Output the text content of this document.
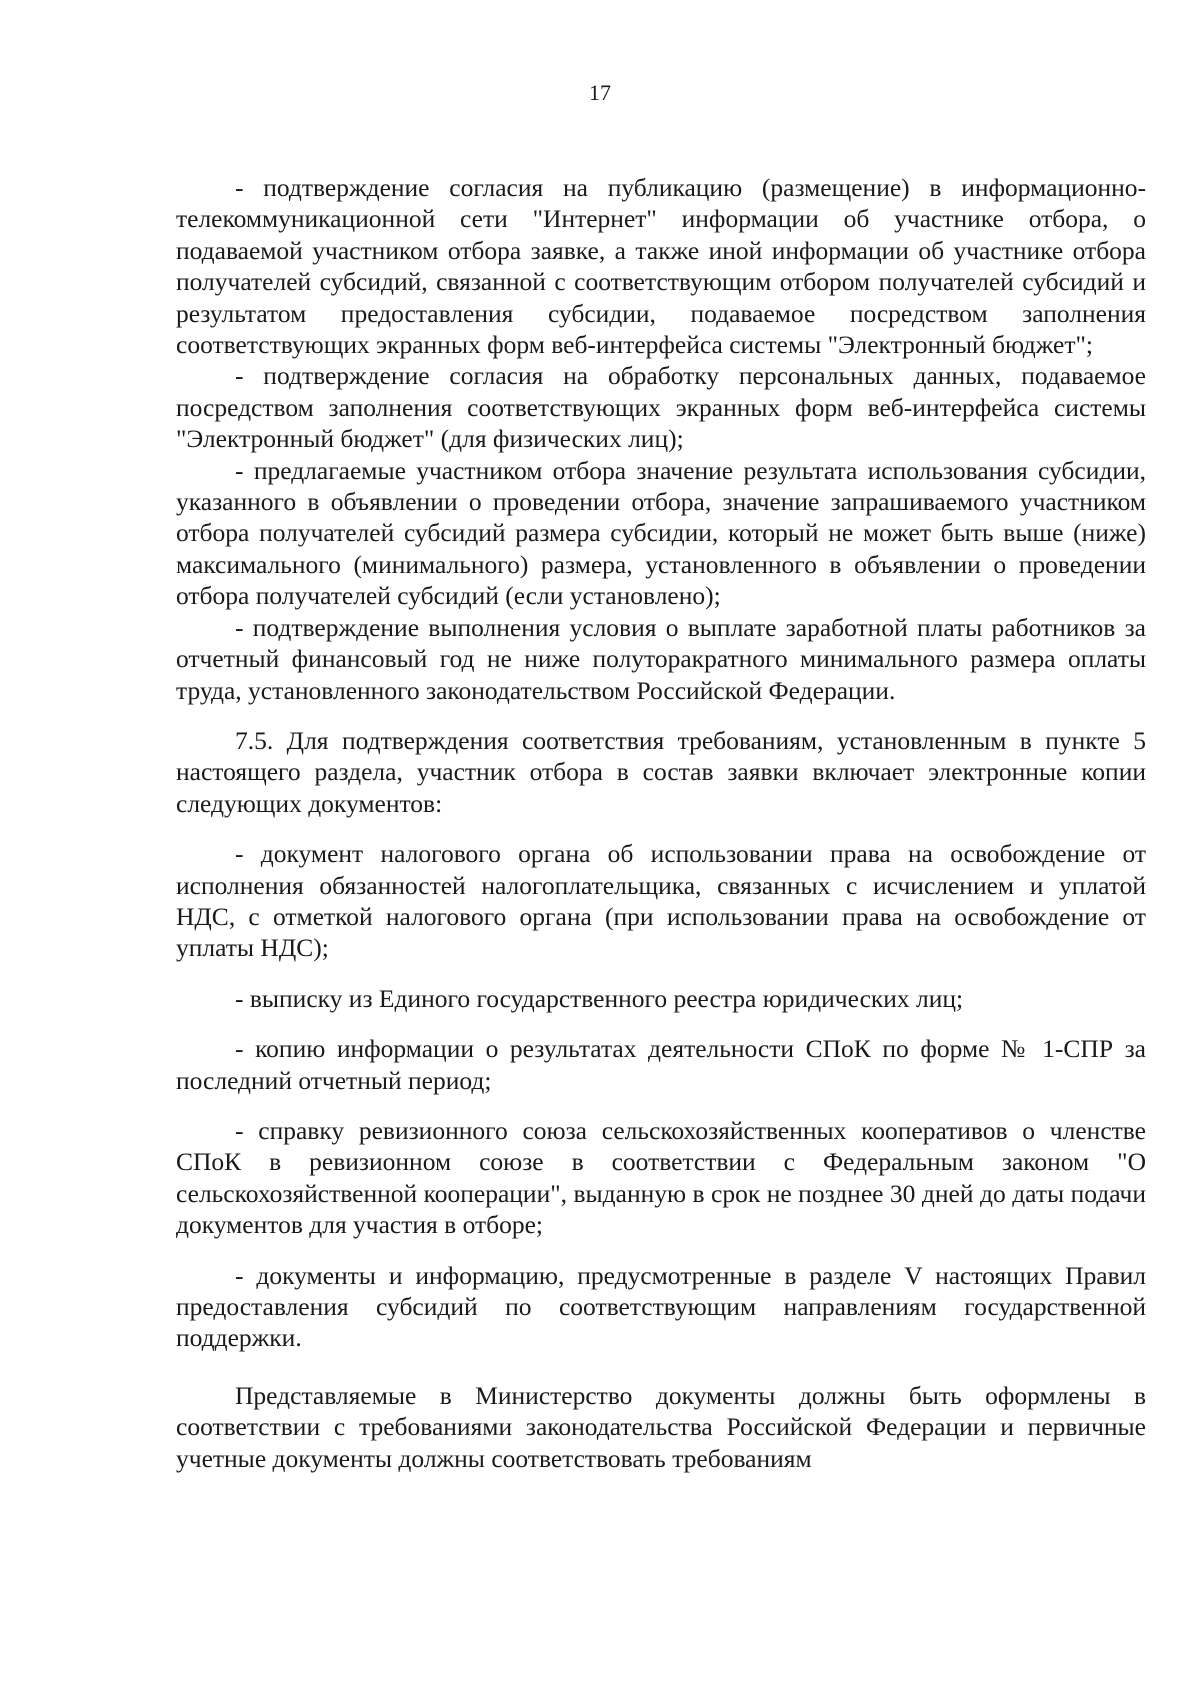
17

- подтверждение согласия на публикацию (размещение) в информационно-телекоммуникационной сети "Интернет" информации об участнике отбора, о подаваемой участником отбора заявке, а также иной информации об участнике отбора получателей субсидий, связанной с соответствующим отбором получателей субсидий и результатом предоставления субсидии, подаваемое посредством заполнения соответствующих экранных форм веб-интерфейса системы "Электронный бюджет";

- подтверждение согласия на обработку персональных данных, подаваемое посредством заполнения соответствующих экранных форм веб-интерфейса системы "Электронный бюджет" (для физических лиц);

- предлагаемые участником отбора значение результата использования субсидии, указанного в объявлении о проведении отбора, значение запрашиваемого участником отбора получателей субсидий размера субсидии, который не может быть выше (ниже) максимального (минимального) размера, установленного в объявлении о проведении отбора получателей субсидий (если установлено);

- подтверждение выполнения условия о выплате заработной платы работников за отчетный финансовый год не ниже полуторакратного минимального размера оплаты труда, установленного законодательством Российской Федерации.

7.5. Для подтверждения соответствия требованиям, установленным в пункте 5 настоящего раздела, участник отбора в состав заявки включает электронные копии следующих документов:

- документ налогового органа об использовании права на освобождение от исполнения обязанностей налогоплательщика, связанных с исчислением и уплатой НДС, с отметкой налогового органа (при использовании права на освобождение от уплаты НДС);

- выписку из Единого государственного реестра юридических лиц;

- копию информации о результатах деятельности СПоК по форме № 1-СПР за последний отчетный период;

- справку ревизионного союза сельскохозяйственных кооперативов о членстве СПоК в ревизионном союзе в соответствии с Федеральным законом "О сельскохозяйственной кооперации", выданную в срок не позднее 30 дней до даты подачи документов для участия в отборе;

- документы и информацию, предусмотренные в разделе V настоящих Правил предоставления субсидий по соответствующим направлениям государственной поддержки.

Представляемые в Министерство документы должны быть оформлены в соответствии с требованиями законодательства Российской Федерации и первичные учетные документы должны соответствовать требованиям
